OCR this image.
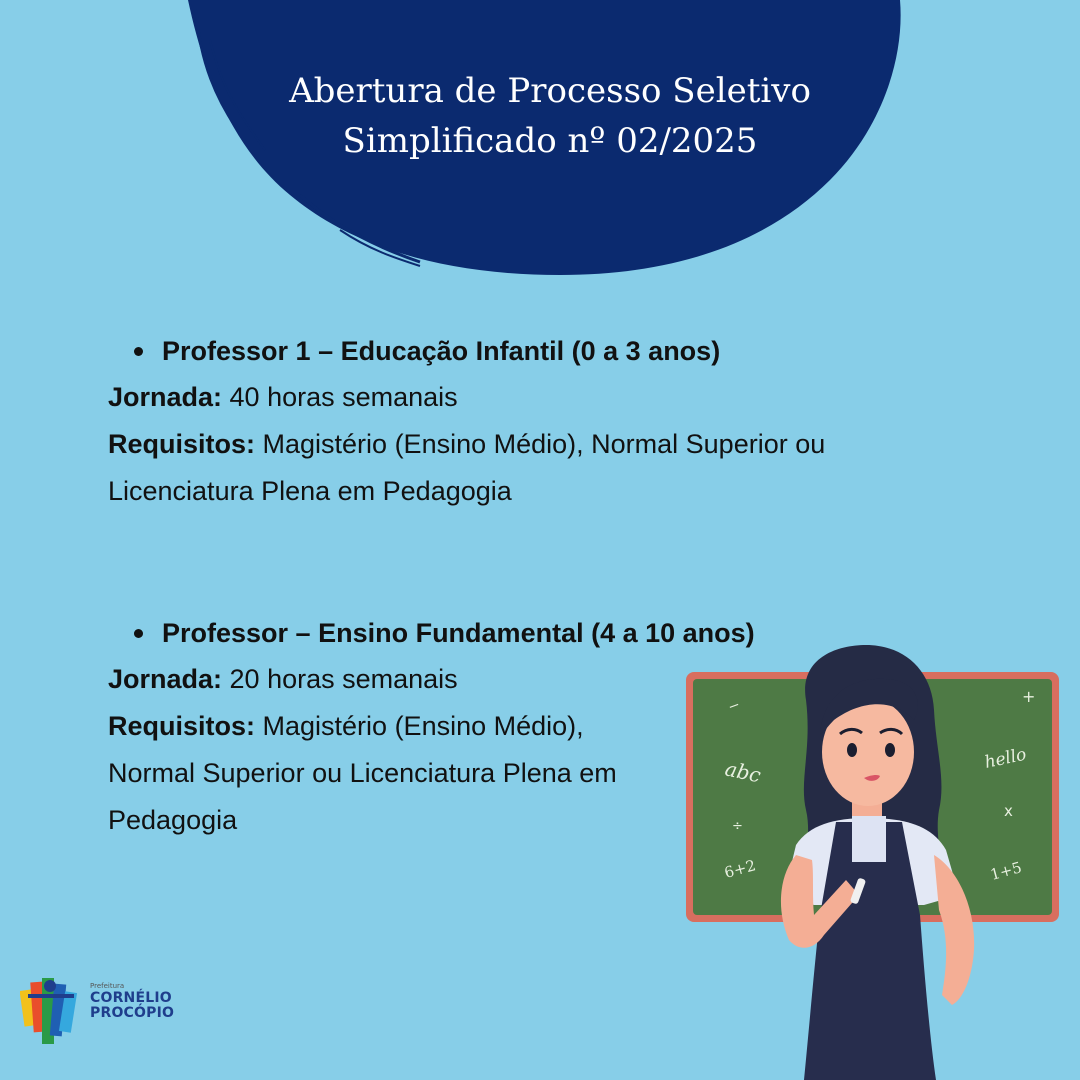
Abertura de Processo Seletivo
Simplificado nº 02/2025
Professor 1 – Educação Infantil (0 a 3 anos)
Jornada: 40 horas semanais
Requisitos: Magistério (Ensino Médio), Normal Superior ou
Licenciatura Plena em Pedagogia
Professor – Ensino Fundamental (4 a 10 anos)
Jornada: 20 horas semanais
Requisitos: Magistério (Ensino Médio),
Normal Superior ou Licenciatura Plena em
Pedagogia
abc	hello
6+2	1+5
+
x
÷
−
Prefeitura
CORNÉLIO
PROCÓPIO
